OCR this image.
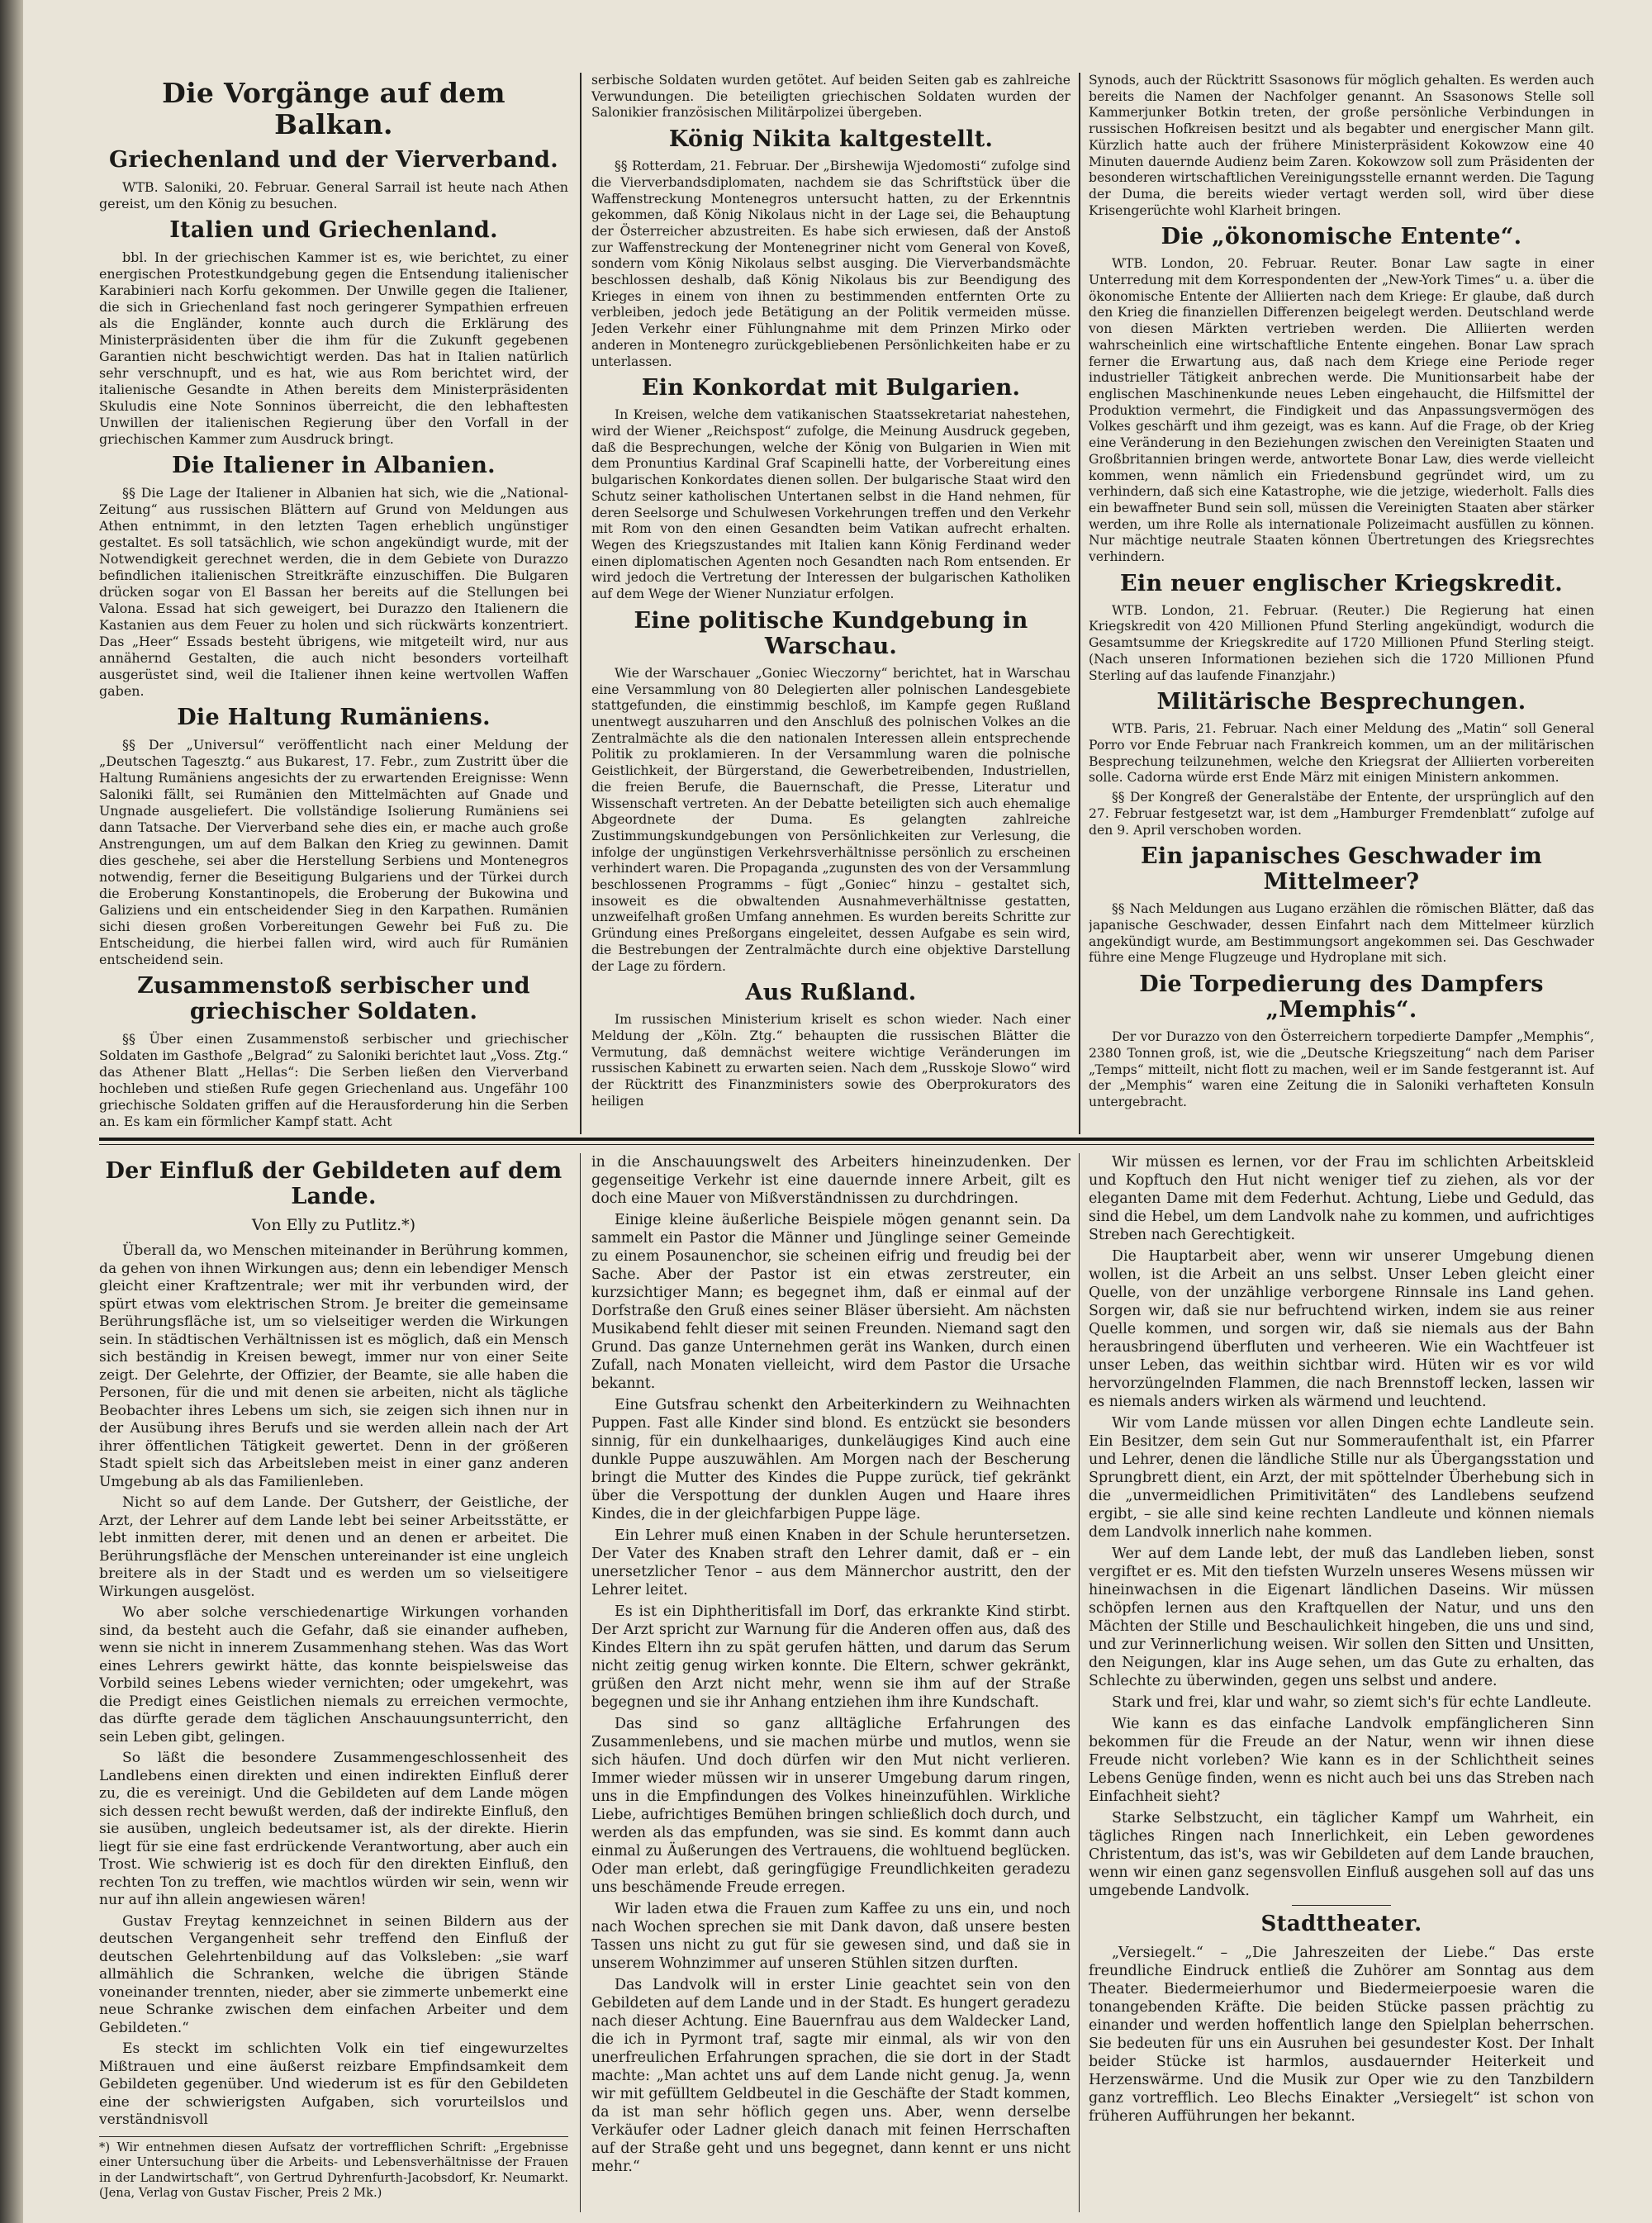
Die Vorgänge auf dem Balkan.
Griechenland und der Vierverband.

WTB. Saloniki, 20. Februar. General Sarrail ist heute nach Athen gereist, um den König zu besuchen.

Italien und Griechenland.

bbl. In der griechischen Kammer ist es, wie berichtet, zu einer energischen Protestkundgebung gegen die Entsendung italienischer Karabinieri nach Korfu gekommen. Der Unwille gegen die Italiener, die sich in Griechenland fast noch geringerer Sympathien erfreuen als die Engländer, konnte auch durch die Erklärung des Ministerpräsidenten über die ihm für die Zukunft gegebenen Garantien nicht beschwichtigt werden. Das hat in Italien natürlich sehr verschnupft, und es hat, wie aus Rom berichtet wird, der italienische Gesandte in Athen bereits dem Ministerpräsidenten Skuludis eine Note Sonninos überreicht, die den lebhaftesten Unwillen der italienischen Regierung über den Vorfall in der griechischen Kammer zum Ausdruck bringt.

Die Italiener in Albanien.

§§ Die Lage der Italiener in Albanien hat sich, wie die „National-Zeitung“ aus russischen Blättern auf Grund von Meldungen aus Athen entnimmt, in den letzten Tagen erheblich ungünstiger gestaltet. Es soll tatsächlich, wie schon angekündigt wurde, mit der Notwendigkeit gerechnet werden, die in dem Gebiete von Durazzo befindlichen italienischen Streitkräfte einzuschiffen. Die Bulgaren drücken sogar von El Bassan her bereits auf die Stellungen bei Valona. Essad hat sich geweigert, bei Durazzo den Italienern die Kastanien aus dem Feuer zu holen und sich rückwärts konzentriert. Das „Heer“ Essads besteht übrigens, wie mitgeteilt wird, nur aus annähernd Gestalten, die auch nicht besonders vorteilhaft ausgerüstet sind, weil die Italiener ihnen keine wertvollen Waffen gaben.

Die Haltung Rumäniens.

§§ Der „Universul“ veröffentlicht nach einer Meldung der „Deutschen Tagesztg.“ aus Bukarest, 17. Febr., zum Zustritt über die Haltung Rumäniens angesichts der zu erwartenden Ereignisse: Wenn Saloniki fällt, sei Rumänien den Mittelmächten auf Gnade und Ungnade ausgeliefert. Die vollständige Isolierung Rumäniens sei dann Tatsache. Der Vierverband sehe dies ein, er mache auch große Anstrengungen, um auf dem Balkan den Krieg zu gewinnen. Damit dies geschehe, sei aber die Herstellung Serbiens und Montenegros notwendig, ferner die Beseitigung Bulgariens und der Türkei durch die Eroberung Konstantinopels, die Eroberung der Bukowina und Galiziens und ein entscheidender Sieg in den Karpathen. Rumänien sichi diesen großen Vorbereitungen Gewehr bei Fuß zu. Die Entscheidung, die hierbei fallen wird, wird auch für Rumänien entscheidend sein.

Zusammenstoß serbischer und griechischer Soldaten.

§§ Über einen Zusammenstoß serbischer und griechischer Soldaten im Gasthofe „Belgrad“ zu Saloniki berichtet laut „Voss. Ztg.“ das Athener Blatt „Hellas“: Die Serben ließen den Vierverband hochleben und stießen Rufe gegen Griechenland aus. Ungefähr 100 griechische Soldaten griffen auf die Herausforderung hin die Serben an. Es kam ein förmlicher Kampf statt. Acht

serbische Soldaten wurden getötet. Auf beiden Seiten gab es zahlreiche Verwundungen. Die beteiligten griechischen Soldaten wurden der Salonikier französischen Militärpolizei übergeben.

König Nikita kaltgestellt.

§§ Rotterdam, 21. Februar. Der „Birshewija Wjedomosti“ zufolge sind die Vierverbandsdiplomaten, nachdem sie das Schriftstück über die Waffenstreckung Montenegros untersucht hatten, zu der Erkenntnis gekommen, daß König Nikolaus nicht in der Lage sei, die Behauptung der Österreicher abzustreiten. Es habe sich erwiesen, daß der Anstoß zur Waffenstreckung der Montenegriner nicht vom General von Koveß, sondern vom König Nikolaus selbst ausging. Die Vierverbandsmächte beschlossen deshalb, daß König Nikolaus bis zur Beendigung des Krieges in einem von ihnen zu bestimmenden entfernten Orte zu verbleiben, jedoch jede Betätigung an der Politik vermeiden müsse. Jeden Verkehr einer Fühlungnahme mit dem Prinzen Mirko oder anderen in Montenegro zurückgebliebenen Persönlichkeiten habe er zu unterlassen.

Ein Konkordat mit Bulgarien.

In Kreisen, welche dem vatikanischen Staatssekretariat nahestehen, wird der Wiener „Reichspost“ zufolge, die Meinung Ausdruck gegeben, daß die Besprechungen, welche der König von Bulgarien in Wien mit dem Pronuntius Kardinal Graf Scapinelli hatte, der Vorbereitung eines bulgarischen Konkordates dienen sollen. Der bulgarische Staat wird den Schutz seiner katholischen Untertanen selbst in die Hand nehmen, für deren Seelsorge und Schulwesen Vorkehrungen treffen und den Verkehr mit Rom von den einen Gesandten beim Vatikan aufrecht erhalten. Wegen des Kriegszustandes mit Italien kann König Ferdinand weder einen diplomatischen Agenten noch Gesandten nach Rom entsenden. Er wird jedoch die Vertretung der Interessen der bulgarischen Katholiken auf dem Wege der Wiener Nunziatur erfolgen.

Eine politische Kundgebung in Warschau.

Wie der Warschauer „Goniec Wieczorny“ berichtet, hat in Warschau eine Versammlung von 80 Delegierten aller polnischen Landesgebiete stattgefunden, die einstimmig beschloß, im Kampfe gegen Rußland unentwegt auszuharren und den Anschluß des polnischen Volkes an die Zentralmächte als die den nationalen Interessen allein entsprechende Politik zu proklamieren. In der Versammlung waren die polnische Geistlichkeit, der Bürgerstand, die Gewerbetreibenden, Industriellen, die freien Berufe, die Bauernschaft, die Presse, Literatur und Wissenschaft vertreten. An der Debatte beteiligten sich auch ehemalige Abgeordnete der Duma. Es gelangten zahlreiche Zustimmungskundgebungen von Persönlichkeiten zur Verlesung, die infolge der ungünstigen Verkehrsverhältnisse persönlich zu erscheinen verhindert waren. Die Propaganda „zugunsten des von der Versammlung beschlossenen Programms – fügt „Goniec“ hinzu – gestaltet sich, insoweit es die obwaltenden Ausnahmeverhältnisse gestatten, unzweifelhaft großen Umfang annehmen. Es wurden bereits Schritte zur Gründung eines Preßorgans eingeleitet, dessen Aufgabe es sein wird, die Bestrebungen der Zentralmächte durch eine objektive Darstellung der Lage zu fördern.

Aus Rußland.

Im russischen Ministerium kriselt es schon wieder. Nach einer Meldung der „Köln. Ztg.“ behaupten die russischen Blätter die Vermutung, daß demnächst weitere wichtige Veränderungen im russischen Kabinett zu erwarten seien. Nach dem „Russkoje Slowo“ wird der Rücktritt des Finanzministers sowie des Oberprokurators des heiligen

Synods, auch der Rücktritt Ssasonows für möglich gehalten. Es werden auch bereits die Namen der Nachfolger genannt. An Ssasonows Stelle soll Kammerjunker Botkin treten, der große persönliche Verbindungen in russischen Hofkreisen besitzt und als begabter und energischer Mann gilt. Kürzlich hatte auch der frühere Ministerpräsident Kokowzow eine 40 Minuten dauernde Audienz beim Zaren. Kokowzow soll zum Präsidenten der besonderen wirtschaftlichen Vereinigungsstelle ernannt werden. Die Tagung der Duma, die bereits wieder vertagt werden soll, wird über diese Krisengerüchte wohl Klarheit bringen.

Die „ökonomische Entente“.

WTB. London, 20. Februar. Reuter. Bonar Law sagte in einer Unterredung mit dem Korrespondenten der „New-York Times“ u. a. über die ökonomische Entente der Alliierten nach dem Kriege: Er glaube, daß durch den Krieg die finanziellen Differenzen beigelegt werden. Deutschland werde von diesen Märkten vertrieben werden. Die Alliierten werden wahrscheinlich eine wirtschaftliche Entente eingehen. Bonar Law sprach ferner die Erwartung aus, daß nach dem Kriege eine Periode reger industrieller Tätigkeit anbrechen werde. Die Munitionsarbeit habe der englischen Maschinenkunde neues Leben eingehaucht, die Hilfsmittel der Produktion vermehrt, die Findigkeit und das Anpassungsvermögen des Volkes geschärft und ihm gezeigt, was es kann. Auf die Frage, ob der Krieg eine Veränderung in den Beziehungen zwischen den Vereinigten Staaten und Großbritannien bringen werde, antwortete Bonar Law, dies werde vielleicht kommen, wenn nämlich ein Friedensbund gegründet wird, um zu verhindern, daß sich eine Katastrophe, wie die jetzige, wiederholt. Falls dies ein bewaffneter Bund sein soll, müssen die Vereinigten Staaten aber stärker werden, um ihre Rolle als internationale Polizeimacht ausfüllen zu können. Nur mächtige neutrale Staaten können Übertretungen des Kriegsrechtes verhindern.

Ein neuer englischer Kriegskredit.

WTB. London, 21. Februar. (Reuter.) Die Regierung hat einen Kriegskredit von 420 Millionen Pfund Sterling angekündigt, wodurch die Gesamtsumme der Kriegskredite auf 1720 Millionen Pfund Sterling steigt. (Nach unseren Informationen beziehen sich die 1720 Millionen Pfund Sterling auf das laufende Finanzjahr.)

Militärische Besprechungen.

WTB. Paris, 21. Februar. Nach einer Meldung des „Matin“ soll General Porro vor Ende Februar nach Frankreich kommen, um an der militärischen Besprechung teilzunehmen, welche den Kriegsrat der Alliierten vorbereiten solle. Cadorna würde erst Ende März mit einigen Ministern ankommen.

§§ Der Kongreß der Generalstäbe der Entente, der ursprünglich auf den 27. Februar festgesetzt war, ist dem „Hamburger Fremdenblatt“ zufolge auf den 9. April verschoben worden.

Ein japanisches Geschwader im Mittelmeer?

§§ Nach Meldungen aus Lugano erzählen die römischen Blätter, daß das japanische Geschwader, dessen Einfahrt nach dem Mittelmeer kürzlich angekündigt wurde, am Bestimmungsort angekommen sei. Das Geschwader führe eine Menge Flugzeuge und Hydroplane mit sich.

Die Torpedierung des Dampfers „Memphis“.

Der vor Durazzo von den Österreichern torpedierte Dampfer „Memphis“, 2380 Tonnen groß, ist, wie die „Deutsche Kriegszeitung“ nach dem Pariser „Temps“ mitteilt, nicht flott zu machen, weil er im Sande festgerannt ist. Auf der „Memphis“ waren eine Zeitung die in Saloniki verhafteten Konsuln untergebracht.

Der Einfluß der Gebildeten auf dem Lande.
Von Elly zu Putlitz.*)

Überall da, wo Menschen miteinander in Berührung kommen, da gehen von ihnen Wirkungen aus; denn ein lebendiger Mensch gleicht einer Kraftzentrale; wer mit ihr verbunden wird, der spürt etwas vom elektrischen Strom. Je breiter die gemeinsame Berührungsfläche ist, um so vielseitiger werden die Wirkungen sein. In städtischen Verhältnissen ist es möglich, daß ein Mensch sich beständig in Kreisen bewegt, immer nur von einer Seite zeigt. Der Gelehrte, der Offizier, der Beamte, sie alle haben die Personen, für die und mit denen sie arbeiten, nicht als tägliche Beobachter ihres Lebens um sich, sie zeigen sich ihnen nur in der Ausübung ihres Berufs und sie werden allein nach der Art ihrer öffentlichen Tätigkeit gewertet. Denn in der größeren Stadt spielt sich das Arbeitsleben meist in einer ganz anderen Umgebung ab als das Familienleben.

Nicht so auf dem Lande. Der Gutsherr, der Geistliche, der Arzt, der Lehrer auf dem Lande lebt bei seiner Arbeitsstätte, er lebt inmitten derer, mit denen und an denen er arbeitet. Die Berührungsfläche der Menschen untereinander ist eine ungleich breitere als in der Stadt und es werden um so vielseitigere Wirkungen ausgelöst.

Wo aber solche verschiedenartige Wirkungen vorhanden sind, da besteht auch die Gefahr, daß sie einander aufheben, wenn sie nicht in innerem Zusammenhang stehen. Was das Wort eines Lehrers gewirkt hätte, das konnte beispielsweise das Vorbild seines Lebens wieder vernichten; oder umgekehrt, was die Predigt eines Geistlichen niemals zu erreichen vermochte, das dürfte gerade dem täglichen Anschauungsunterricht, den sein Leben gibt, gelingen.

So läßt die besondere Zusammengeschlossenheit des Landlebens einen direkten und einen indirekten Einfluß derer zu, die es vereinigt. Und die Gebildeten auf dem Lande mögen sich dessen recht bewußt werden, daß der indirekte Einfluß, den sie ausüben, ungleich bedeutsamer ist, als der direkte. Hierin liegt für sie eine fast erdrückende Verantwortung, aber auch ein Trost. Wie schwierig ist es doch für den direkten Einfluß, den rechten Ton zu treffen, wie machtlos würden wir sein, wenn wir nur auf ihn allein angewiesen wären!

Gustav Freytag kennzeichnet in seinen Bildern aus der deutschen Vergangenheit sehr treffend den Einfluß der deutschen Gelehrtenbildung auf das Volksleben: „sie warf allmählich die Schranken, welche die übrigen Stände voneinander trennten, nieder, aber sie zimmerte unbemerkt eine neue Schranke zwischen dem einfachen Arbeiter und dem Gebildeten.“

Es steckt im schlichten Volk ein tief eingewurzeltes Mißtrauen und eine äußerst reizbare Empfindsamkeit dem Gebildeten gegenüber. Und wiederum ist es für den Gebildeten eine der schwierigsten Aufgaben, sich vorurteilslos und verständnisvoll

*) Wir entnehmen diesen Aufsatz der vortrefflichen Schrift: „Ergebnisse einer Untersuchung über die Arbeits- und Lebensverhältnisse der Frauen in der Landwirtschaft“, von Gertrud Dyhrenfurth-Jacobsdorf, Kr. Neumarkt. (Jena, Verlag von Gustav Fischer, Preis 2 Mk.)

in die Anschauungswelt des Arbeiters hineinzudenken. Der gegenseitige Verkehr ist eine dauernde innere Arbeit, gilt es doch eine Mauer von Mißverständnissen zu durchdringen.

Einige kleine äußerliche Beispiele mögen genannt sein. Da sammelt ein Pastor die Männer und Jünglinge seiner Gemeinde zu einem Posaunenchor, sie scheinen eifrig und freudig bei der Sache. Aber der Pastor ist ein etwas zerstreuter, ein kurzsichtiger Mann; es begegnet ihm, daß er einmal auf der Dorfstraße den Gruß eines seiner Bläser übersieht. Am nächsten Musikabend fehlt dieser mit seinen Freunden. Niemand sagt den Grund. Das ganze Unternehmen gerät ins Wanken, durch einen Zufall, nach Monaten vielleicht, wird dem Pastor die Ursache bekannt.

Eine Gutsfrau schenkt den Arbeiterkindern zu Weihnachten Puppen. Fast alle Kinder sind blond. Es entzückt sie besonders sinnig, für ein dunkelhaariges, dunkeläugiges Kind auch eine dunkle Puppe auszuwählen. Am Morgen nach der Bescherung bringt die Mutter des Kindes die Puppe zurück, tief gekränkt über die Verspottung der dunklen Augen und Haare ihres Kindes, die in der gleichfarbigen Puppe läge.

Ein Lehrer muß einen Knaben in der Schule heruntersetzen. Der Vater des Knaben straft den Lehrer damit, daß er – ein unersetzlicher Tenor – aus dem Männerchor austritt, den der Lehrer leitet.

Es ist ein Diphtheritisfall im Dorf, das erkrankte Kind stirbt. Der Arzt spricht zur Warnung für die Anderen offen aus, daß des Kindes Eltern ihn zu spät gerufen hätten, und darum das Serum nicht zeitig genug wirken konnte. Die Eltern, schwer gekränkt, grüßen den Arzt nicht mehr, wenn sie ihm auf der Straße begegnen und sie ihr Anhang entziehen ihm ihre Kundschaft.

Das sind so ganz alltägliche Erfahrungen des Zusammenlebens, und sie machen mürbe und mutlos, wenn sie sich häufen. Und doch dürfen wir den Mut nicht verlieren. Immer wieder müssen wir in unserer Umgebung darum ringen, uns in die Empfindungen des Volkes hineinzufühlen. Wirkliche Liebe, aufrichtiges Bemühen bringen schließlich doch durch, und werden als das empfunden, was sie sind. Es kommt dann auch einmal zu Äußerungen des Vertrauens, die wohltuend beglücken. Oder man erlebt, daß geringfügige Freundlichkeiten geradezu uns beschämende Freude erregen.

Wir laden etwa die Frauen zum Kaffee zu uns ein, und noch nach Wochen sprechen sie mit Dank davon, daß unsere besten Tassen uns nicht zu gut für sie gewesen sind, und daß sie in unserem Wohnzimmer auf unseren Stühlen sitzen durften.

Das Landvolk will in erster Linie geachtet sein von den Gebildeten auf dem Lande und in der Stadt. Es hungert geradezu nach dieser Achtung. Eine Bauernfrau aus dem Waldecker Land, die ich in Pyrmont traf, sagte mir einmal, als wir von den unerfreulichen Erfahrungen sprachen, die sie dort in der Stadt machte: „Man achtet uns auf dem Lande nicht genug. Ja, wenn wir mit gefülltem Geldbeutel in die Geschäfte der Stadt kommen, da ist man sehr höflich gegen uns. Aber, wenn derselbe Verkäufer oder Ladner gleich danach mit feinen Herrschaften auf der Straße geht und uns begegnet, dann kennt er uns nicht mehr.“

Wir müssen es lernen, vor der Frau im schlichten Arbeitskleid und Kopftuch den Hut nicht weniger tief zu ziehen, als vor der eleganten Dame mit dem Federhut. Achtung, Liebe und Geduld, das sind die Hebel, um dem Landvolk nahe zu kommen, und aufrichtiges Streben nach Gerechtigkeit.

Die Hauptarbeit aber, wenn wir unserer Umgebung dienen wollen, ist die Arbeit an uns selbst. Unser Leben gleicht einer Quelle, von der unzählige verborgene Rinnsale ins Land gehen. Sorgen wir, daß sie nur befruchtend wirken, indem sie aus reiner Quelle kommen, und sorgen wir, daß sie niemals aus der Bahn herausbringend überfluten und verheeren. Wie ein Wachtfeuer ist unser Leben, das weithin sichtbar wird. Hüten wir es vor wild hervorzüngelnden Flammen, die nach Brennstoff lecken, lassen wir es niemals anders wirken als wärmend und leuchtend.

Wir vom Lande müssen vor allen Dingen echte Landleute sein. Ein Besitzer, dem sein Gut nur Sommeraufenthalt ist, ein Pfarrer und Lehrer, denen die ländliche Stille nur als Übergangsstation und Sprungbrett dient, ein Arzt, der mit spöttelnder Überhebung sich in die „unvermeidlichen Primitivitäten“ des Landlebens seufzend ergibt, – sie alle sind keine rechten Landleute und können niemals dem Landvolk innerlich nahe kommen.

Wer auf dem Lande lebt, der muß das Landleben lieben, sonst vergiftet er es. Mit den tiefsten Wurzeln unseres Wesens müssen wir hineinwachsen in die Eigenart ländlichen Daseins. Wir müssen schöpfen lernen aus den Kraftquellen der Natur, und uns den Mächten der Stille und Beschaulichkeit hingeben, die uns und sind, und zur Verinnerlichung weisen. Wir sollen den Sitten und Unsitten, den Neigungen, klar ins Auge sehen, um das Gute zu erhalten, das Schlechte zu überwinden, gegen uns selbst und andere.

Stark und frei, klar und wahr, so ziemt sich's für echte Landleute.

Wie kann es das einfache Landvolk empfänglicheren Sinn bekommen für die Freude an der Natur, wenn wir ihnen diese Freude nicht vorleben? Wie kann es in der Schlichtheit seines Lebens Genüge finden, wenn es nicht auch bei uns das Streben nach Einfachheit sieht?

Starke Selbstzucht, ein täglicher Kampf um Wahrheit, ein tägliches Ringen nach Innerlichkeit, ein Leben gewordenes Christentum, das ist's, was wir Gebildeten auf dem Lande brauchen, wenn wir einen ganz segensvollen Einfluß ausgehen soll auf das uns umgebende Landvolk.

Stadttheater.

„Versiegelt.“ – „Die Jahreszeiten der Liebe.“ Das erste freundliche Eindruck entließ die Zuhörer am Sonntag aus dem Theater. Biedermeierhumor und Biedermeierpoesie waren die tonangebenden Kräfte. Die beiden Stücke passen prächtig zu einander und werden hoffentlich lange den Spielplan beherrschen. Sie bedeuten für uns ein Ausruhen bei gesundester Kost. Der Inhalt beider Stücke ist harmlos, ausdauernder Heiterkeit und Herzenswärme. Und die Musik zur Oper wie zu den Tanzbildern ganz vortrefflich. Leo Blechs Einakter „Versiegelt“ ist schon von früheren Aufführungen her bekannt.
